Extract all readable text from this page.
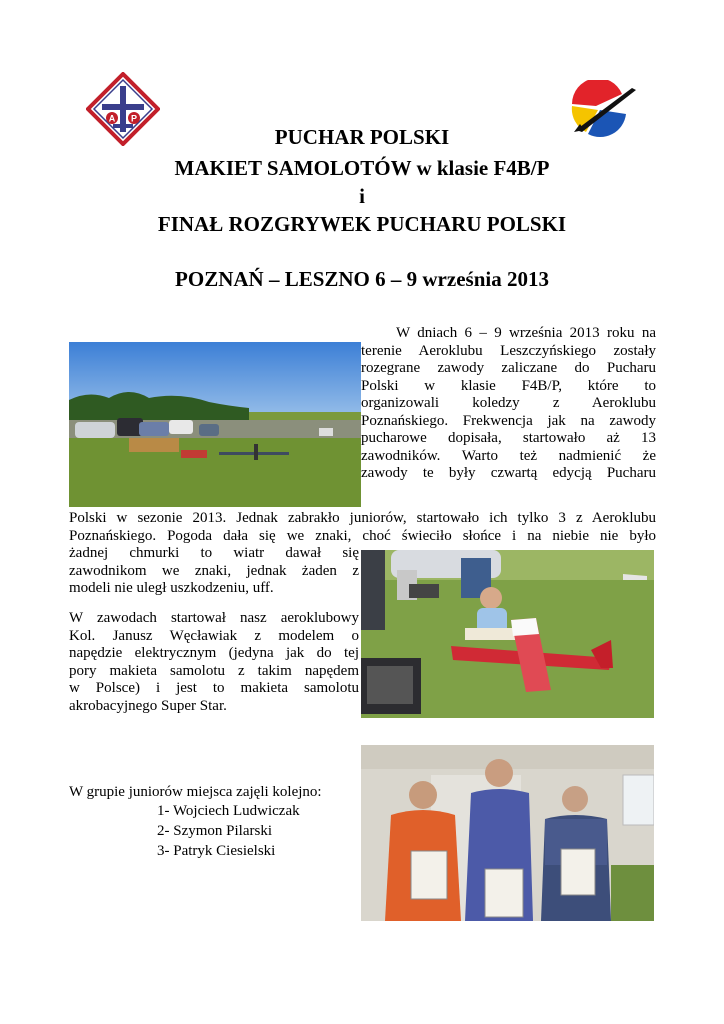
A P
PUCHAR POLSKI
MAKIET SAMOLOTÓW w klasie F4B/P
i
FINAŁ ROZGRYWEK PUCHARU POLSKI
POZNAŃ – LESZNO 6 – 9 września 2013
W dniach 6 – 9 września 2013 roku na
terenie Aeroklubu Leszczyńskiego zostały
rozegrane zawody zaliczane do Pucharu
Polski w klasie F4B/P, które to
organizowali koledzy z Aeroklubu
Poznańskiego. Frekwencja jak na zawody
pucharowe dopisała, startowało aż 13
zawodników. Warto też nadmienić że
zawody te były czwartą edycją Pucharu
Polski w sezonie 2013. Jednak zabrakło juniorów, startowało ich tylko 3 z Aeroklubu
Poznańskiego. Pogoda dała się we znaki, choć świeciło słońce i na niebie nie było
żadnej chmurki to wiatr dawał się
zawodnikom we znaki, jednak żaden z
modeli nie uległ uszkodzeniu, uff.
W zawodach startował nasz aeroklubowy
Kol. Janusz Węcławiak z modelem o
napędzie elektrycznym (jedyna jak do tej
pory makieta samolotu z takim napędem
w Polsce) i jest to makieta samolotu
akrobacyjnego Super Star.
W grupie juniorów miejsca zajęli kolejno:
1- Wojciech Ludwiczak
2- Szymon Pilarski
3- Patryk Ciesielski
